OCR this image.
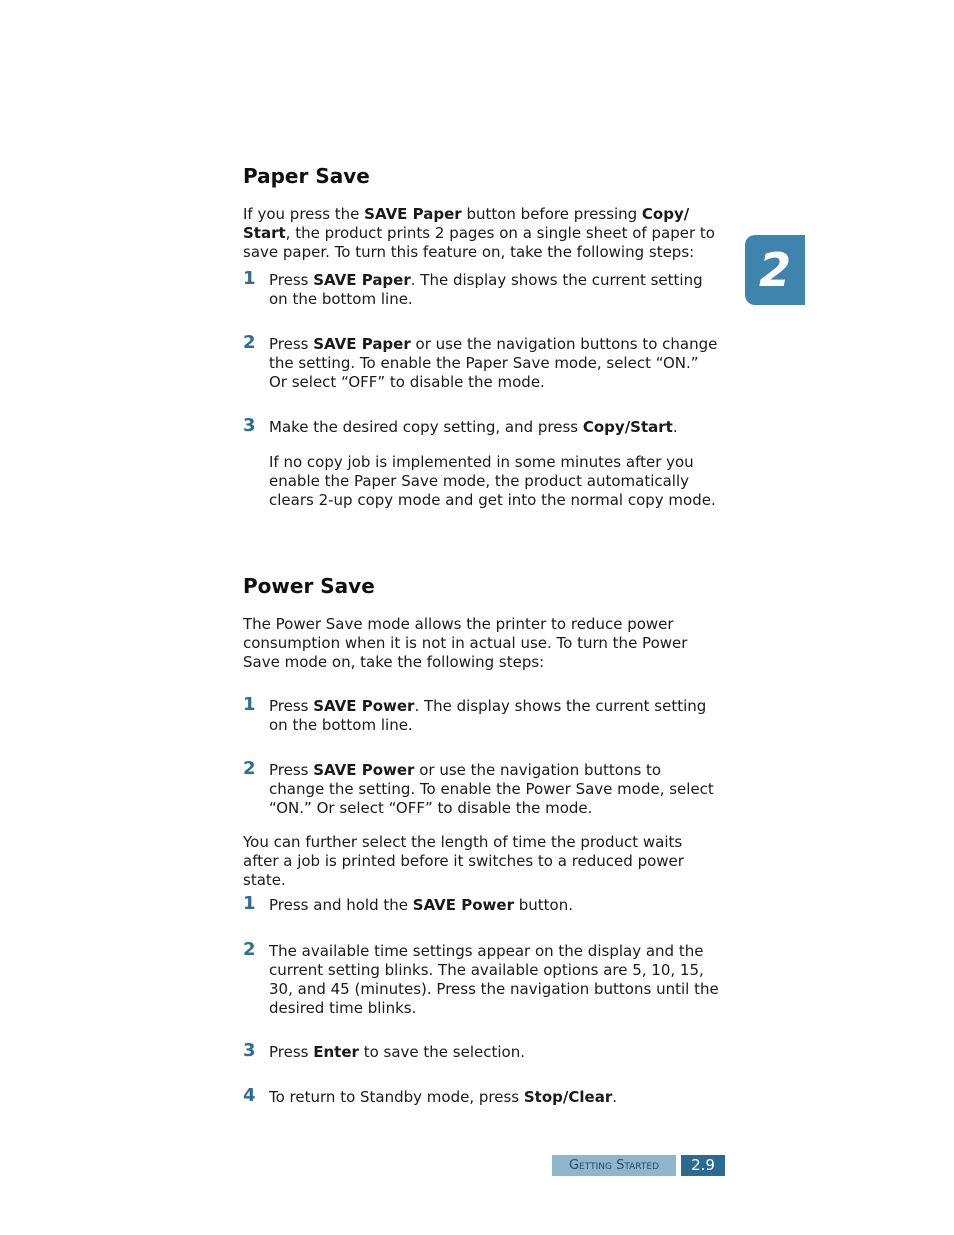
2
Paper Save

If you press the SAVE Paper button before pressing Copy/ Start, the product prints 2 pages on a single sheet of paper to save paper. To turn this feature on, take the following steps:

1 Press SAVE Paper. The display shows the current setting on the bottom line.
2 Press SAVE Paper or use the navigation buttons to change the setting. To enable the Paper Save mode, select “ON.” Or select “OFF” to disable the mode.
3 Make the desired copy setting, and press Copy/Start.

If no copy job is implemented in some minutes after you enable the Paper Save mode, the product automatically clears 2-up copy mode and get into the normal copy mode.

Power Save

The Power Save mode allows the printer to reduce power consumption when it is not in actual use. To turn the Power Save mode on, take the following steps:

1 Press SAVE Power. The display shows the current setting on the bottom line.
2 Press SAVE Power or use the navigation buttons to change the setting. To enable the Power Save mode, select “ON.” Or select “OFF” to disable the mode.

You can further select the length of time the product waits after a job is printed before it switches to a reduced power state.

1 Press and hold the SAVE Power button.
2 The available time settings appear on the display and the current setting blinks. The available options are 5, 10, 15, 30, and 45 (minutes). Press the navigation buttons until the desired time blinks.
3 Press Enter to save the selection.
4 To return to Standby mode, press Stop/Clear.
Getting Started	2.9
